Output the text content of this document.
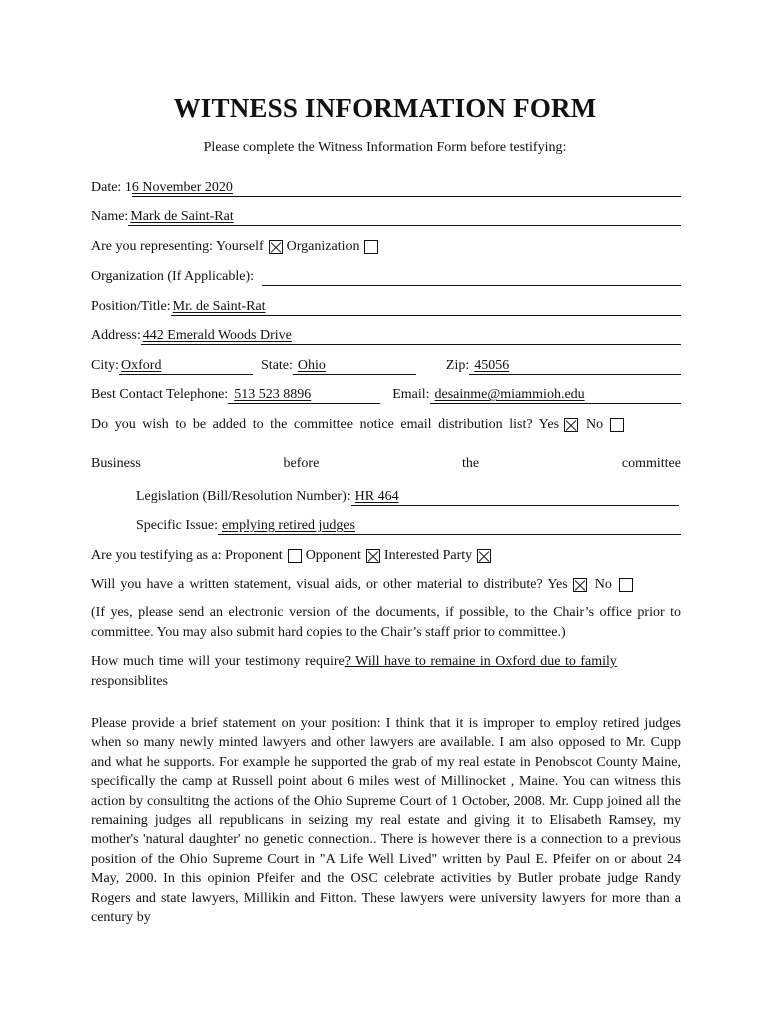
WITNESS INFORMATION FORM
Please complete the Witness Information Form before testifying:
Date: 1 6 November 2020
Name: Mark de Saint-Rat
Are you representing: Yourself Organization
Organization (If Applicable):
Position/Title: Mr. de Saint-Rat
Address: 442 Emerald Woods Drive
City: Oxford	State: Ohio	Zip: 45056
Best Contact Telephone: 513 523 8896	Email: desainme@miammioh.edu
Do you wish to be added to the committee notice email distribution list? Yes No
Business	before	the	committee
Legislation (Bill/Resolution Number): HR 464
Specific Issue: emplying retired judges
Are you testifying as a: Proponent Opponent Interested Party
Will you have a written statement, visual aids, or other material to distribute? Yes No
(If yes, please send an electronic version of the documents, if possible, to the Chair’s office prior to committee. You may also submit hard copies to the Chair’s staff prior to committee.)
How much time will your testimony require ? Will have to remaine in Oxford due to family
responsiblites
Please provide a brief statement on your position: I think that it is improper to employ retired judges when so many newly minted lawyers and other lawyers are available. I am also opposed to Mr. Cupp and what he supports. For example he supported the grab of my real estate in Penobscot County Maine, specifically the camp at Russell point about 6 miles west of Millinocket , Maine. You can witness this action by consultitng the actions of the Ohio Supreme Court of 1 October, 2008. Mr. Cupp joined all the remaining judges all republicans in seizing my real estate and giving it to Elisabeth Ramsey, my mother's 'natural daughter' no genetic connection.. There is however there is a connection to a previous position of the Ohio Supreme Court in "A Life Well Lived" written by Paul E. Pfeifer on or about 24 May, 2000. In this opinion Pfeifer and the OSC celebrate activities by Butler probate judge Randy Rogers and state lawyers, Millikin and Fitton. These lawyers were university lawyers for more than a century by
